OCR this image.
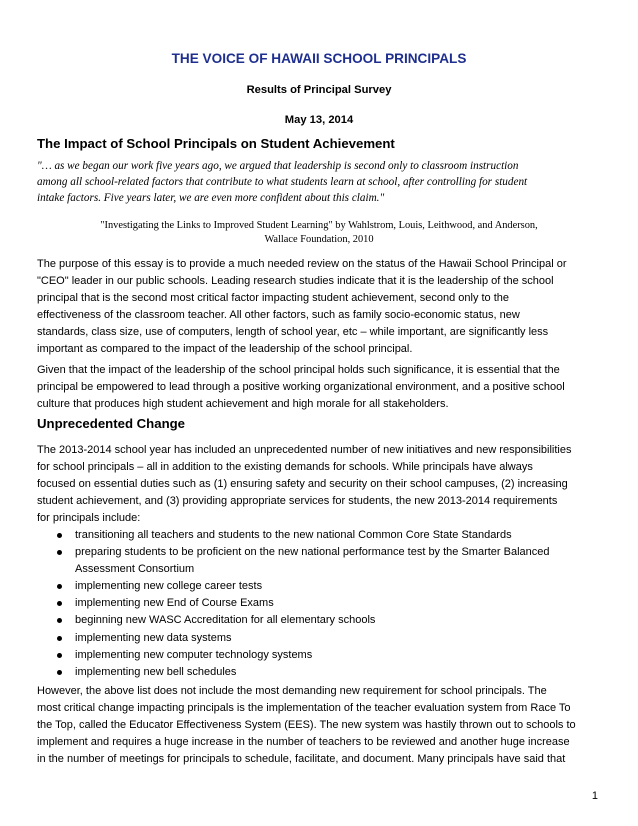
THE VOICE OF HAWAII SCHOOL PRINCIPALS
Results of Principal Survey
May 13, 2014
The Impact of School Principals on Student Achievement
"… as we began our work five years ago, we argued that leadership is second only to classroom instruction
among all school-related factors that contribute to what students learn at school, after controlling for student
intake factors. Five years later, we are even more confident about this claim."
"Investigating the Links to Improved Student Learning" by Wahlstrom, Louis, Leithwood, and Anderson,
Wallace Foundation, 2010
The purpose of this essay is to provide a much needed review on the status of the Hawaii School Principal or
"CEO" leader in our public schools. Leading research studies indicate that it is the leadership of the school
principal that is the second most critical factor impacting student achievement, second only to the
effectiveness of the classroom teacher. All other factors, such as family socio-economic status, new
standards, class size, use of computers, length of school year, etc – while important, are significantly less
important as compared to the impact of the leadership of the school principal.
Given that the impact of the leadership of the school principal holds such significance, it is essential that the
principal be empowered to lead through a positive working organizational environment, and a positive school
culture that produces high student achievement and high morale for all stakeholders.
Unprecedented Change
The 2013-2014 school year has included an unprecedented number of new initiatives and new responsibilities
for school principals – all in addition to the existing demands for schools. While principals have always
focused on essential duties such as (1) ensuring safety and security on their school campuses, (2) increasing
student achievement, and (3) providing appropriate services for students, the new 2013-2014 requirements
for principals include:
transitioning all teachers and students to the new national Common Core State Standards
preparing students to be proficient on the new national performance test by the Smarter Balanced
Assessment Consortium
implementing new college career tests
implementing new End of Course Exams
beginning new WASC Accreditation for all elementary schools
implementing new data systems
implementing new computer technology systems
implementing new bell schedules
However, the above list does not include the most demanding new requirement for school principals. The
most critical change impacting principals is the implementation of the teacher evaluation system from Race To
the Top, called the Educator Effectiveness System (EES). The new system was hastily thrown out to schools to
implement and requires a huge increase in the number of teachers to be reviewed and another huge increase
in the number of meetings for principals to schedule, facilitate, and document. Many principals have said that
1
